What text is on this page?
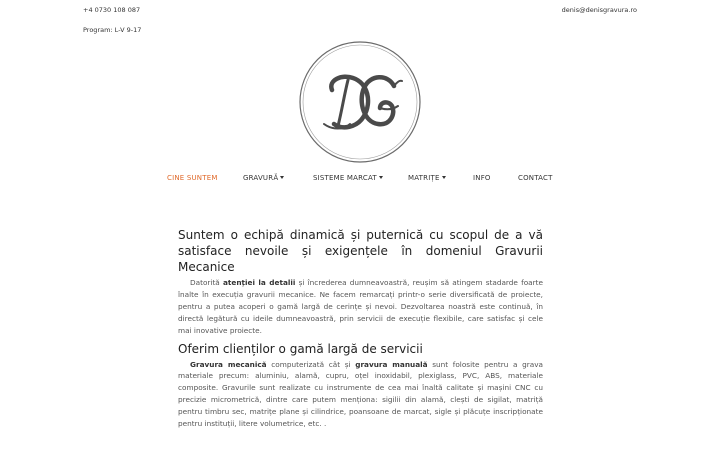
+4 0730 108 087
Program: L-V 9-17
denis@denisgravura.ro
CINE SUNTEM	GRAVURĂ	SISTEME MARCAT	MATRIȚE	INFO	CONTACT
Suntem o echipă dinamică și puternică cu scopul de a vă satisface nevoile și exigențele în domeniul Gravurii Mecanice

Datorită atenției la detalii și încrederea dumneavoastră, reușim să atingem stadarde foarte înalte în execuția gravurii mecanice. Ne facem remarcați printr-o serie diversificată de proiecte, pentru a putea acoperi o gamă largă de cerințe și nevoi. Dezvoltarea noastră este continuă, în directă legătură cu ideile dumneavoastră, prin servicii de execuție flexibile, care satisfac și cele mai inovative proiecte.

Oferim clienților o gamă largă de servicii

Gravura mecanică computerizată cât și gravura manuală sunt folosite pentru a grava materiale precum: aluminiu, alamă, cupru, oțel inoxidabil, plexiglass, PVC, ABS, materiale composite. Gravurile sunt realizate cu instrumente de cea mai înaltă calitate și mașini CNC cu precizie micrometrică, dintre care putem menționa: sigilii din alamă, clești de sigilat, matriță pentru timbru sec, matrițe plane și cilindrice, poansoane de marcat, sigle și plăcuțe inscripționate pentru instituții, litere volumetrice, etc. .
